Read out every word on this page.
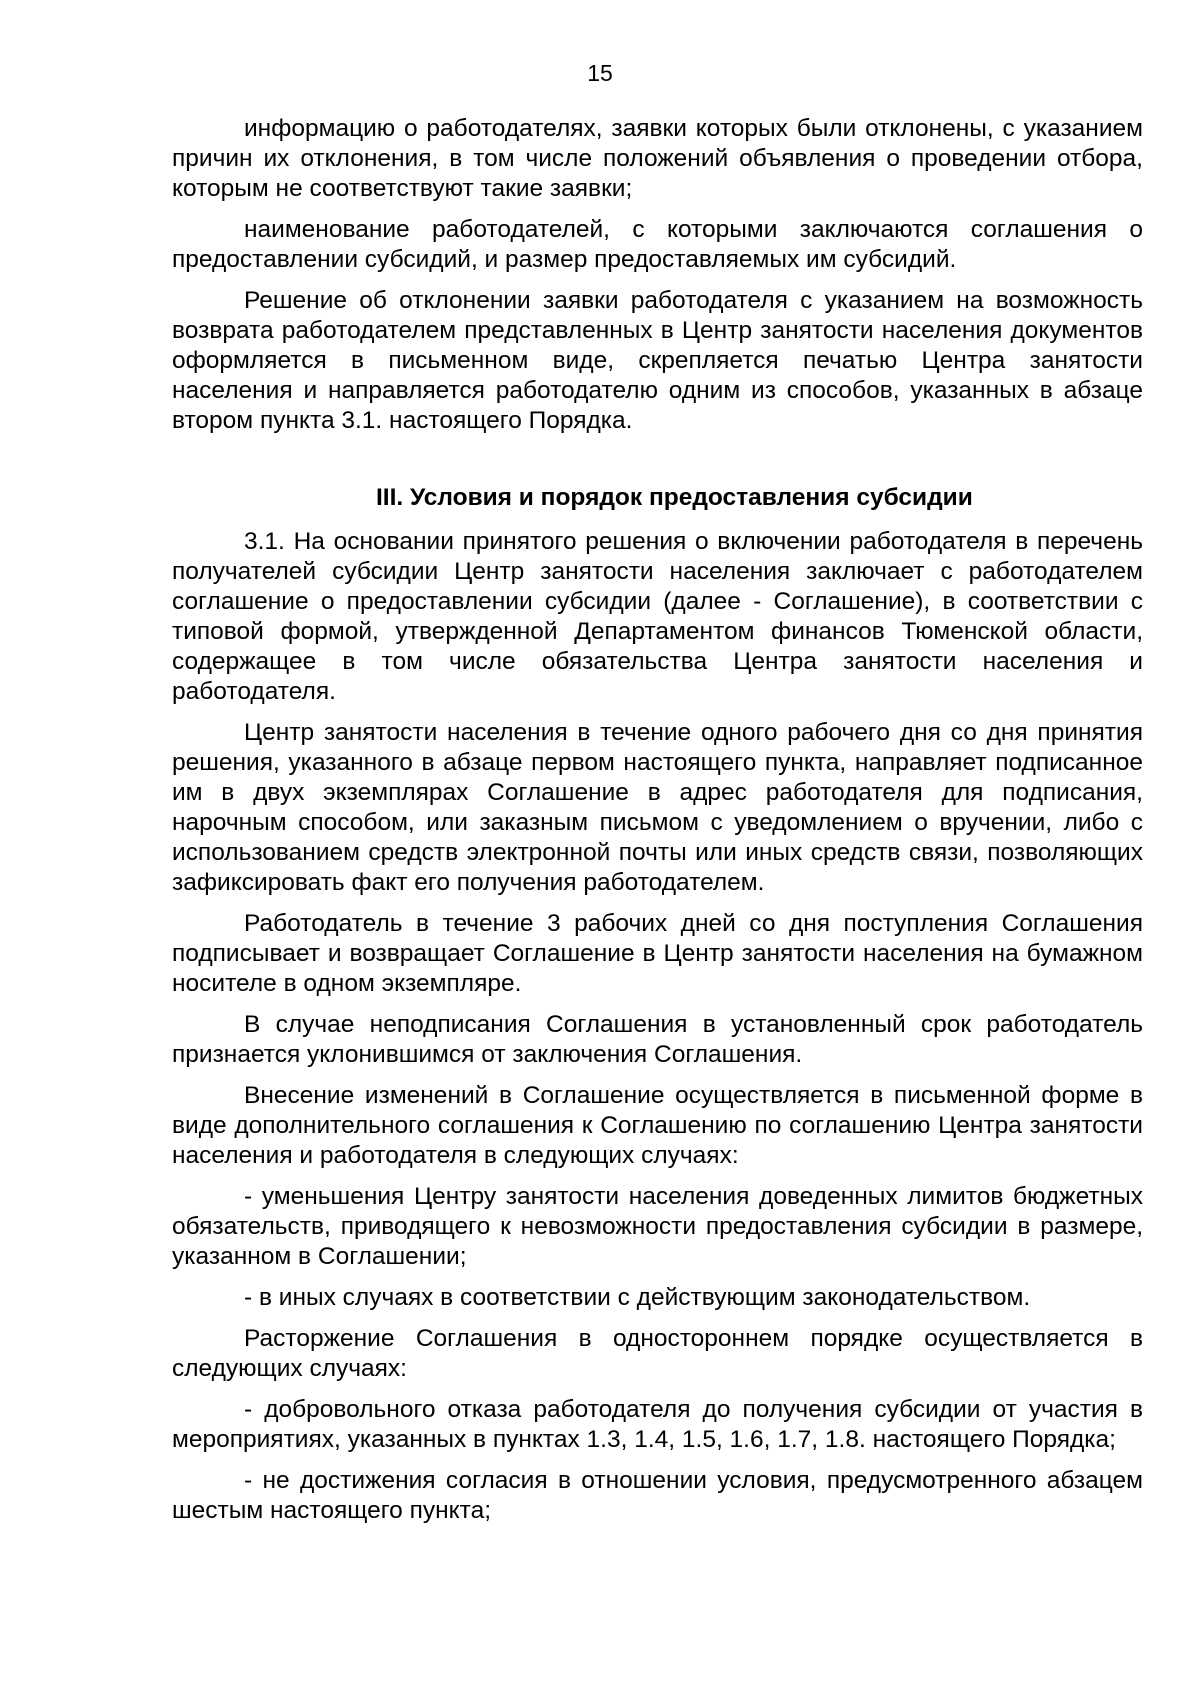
15

информацию о работодателях, заявки которых были отклонены, с указанием причин их отклонения, в том числе положений объявления о проведении отбора, которым не соответствуют такие заявки;

наименование работодателей, с которыми заключаются соглашения о предоставлении субсидий, и размер предоставляемых им субсидий.

Решение об отклонении заявки работодателя с указанием на возможность возврата работодателем представленных в Центр занятости населения документов оформляется в письменном виде, скрепляется печатью Центра занятости населения и направляется работодателю одним из способов, указанных в абзаце втором пункта 3.1. настоящего Порядка.

III. Условия и порядок предоставления субсидии

3.1. На основании принятого решения о включении работодателя в перечень получателей субсидии Центр занятости населения заключает с работодателем соглашение о предоставлении субсидии (далее - Соглашение), в соответствии с типовой формой, утвержденной Департаментом финансов Тюменской области, содержащее в том числе обязательства Центра занятости населения и работодателя.

Центр занятости населения в течение одного рабочего дня со дня принятия решения, указанного в абзаце первом настоящего пункта, направляет подписанное им в двух экземплярах Соглашение в адрес работодателя для подписания, нарочным способом, или заказным письмом с уведомлением о вручении, либо с использованием средств электронной почты или иных средств связи, позволяющих зафиксировать факт его получения работодателем.

Работодатель в течение 3 рабочих дней со дня поступления Соглашения подписывает и возвращает Соглашение в Центр занятости населения на бумажном носителе в одном экземпляре.

В случае неподписания Соглашения в установленный срок работодатель признается уклонившимся от заключения Соглашения.

Внесение изменений в Соглашение осуществляется в письменной форме в виде дополнительного соглашения к Соглашению по соглашению Центра занятости населения и работодателя в следующих случаях:

- уменьшения Центру занятости населения доведенных лимитов бюджетных обязательств, приводящего к невозможности предоставления субсидии в размере, указанном в Соглашении;

- в иных случаях в соответствии с действующим законодательством.

Расторжение Соглашения в одностороннем порядке осуществляется в следующих случаях:

- добровольного отказа работодателя до получения субсидии от участия в мероприятиях, указанных в пунктах 1.3, 1.4, 1.5, 1.6, 1.7, 1.8. настоящего Порядка;

- не достижения согласия в отношении условия, предусмотренного абзацем шестым настоящего пункта;
